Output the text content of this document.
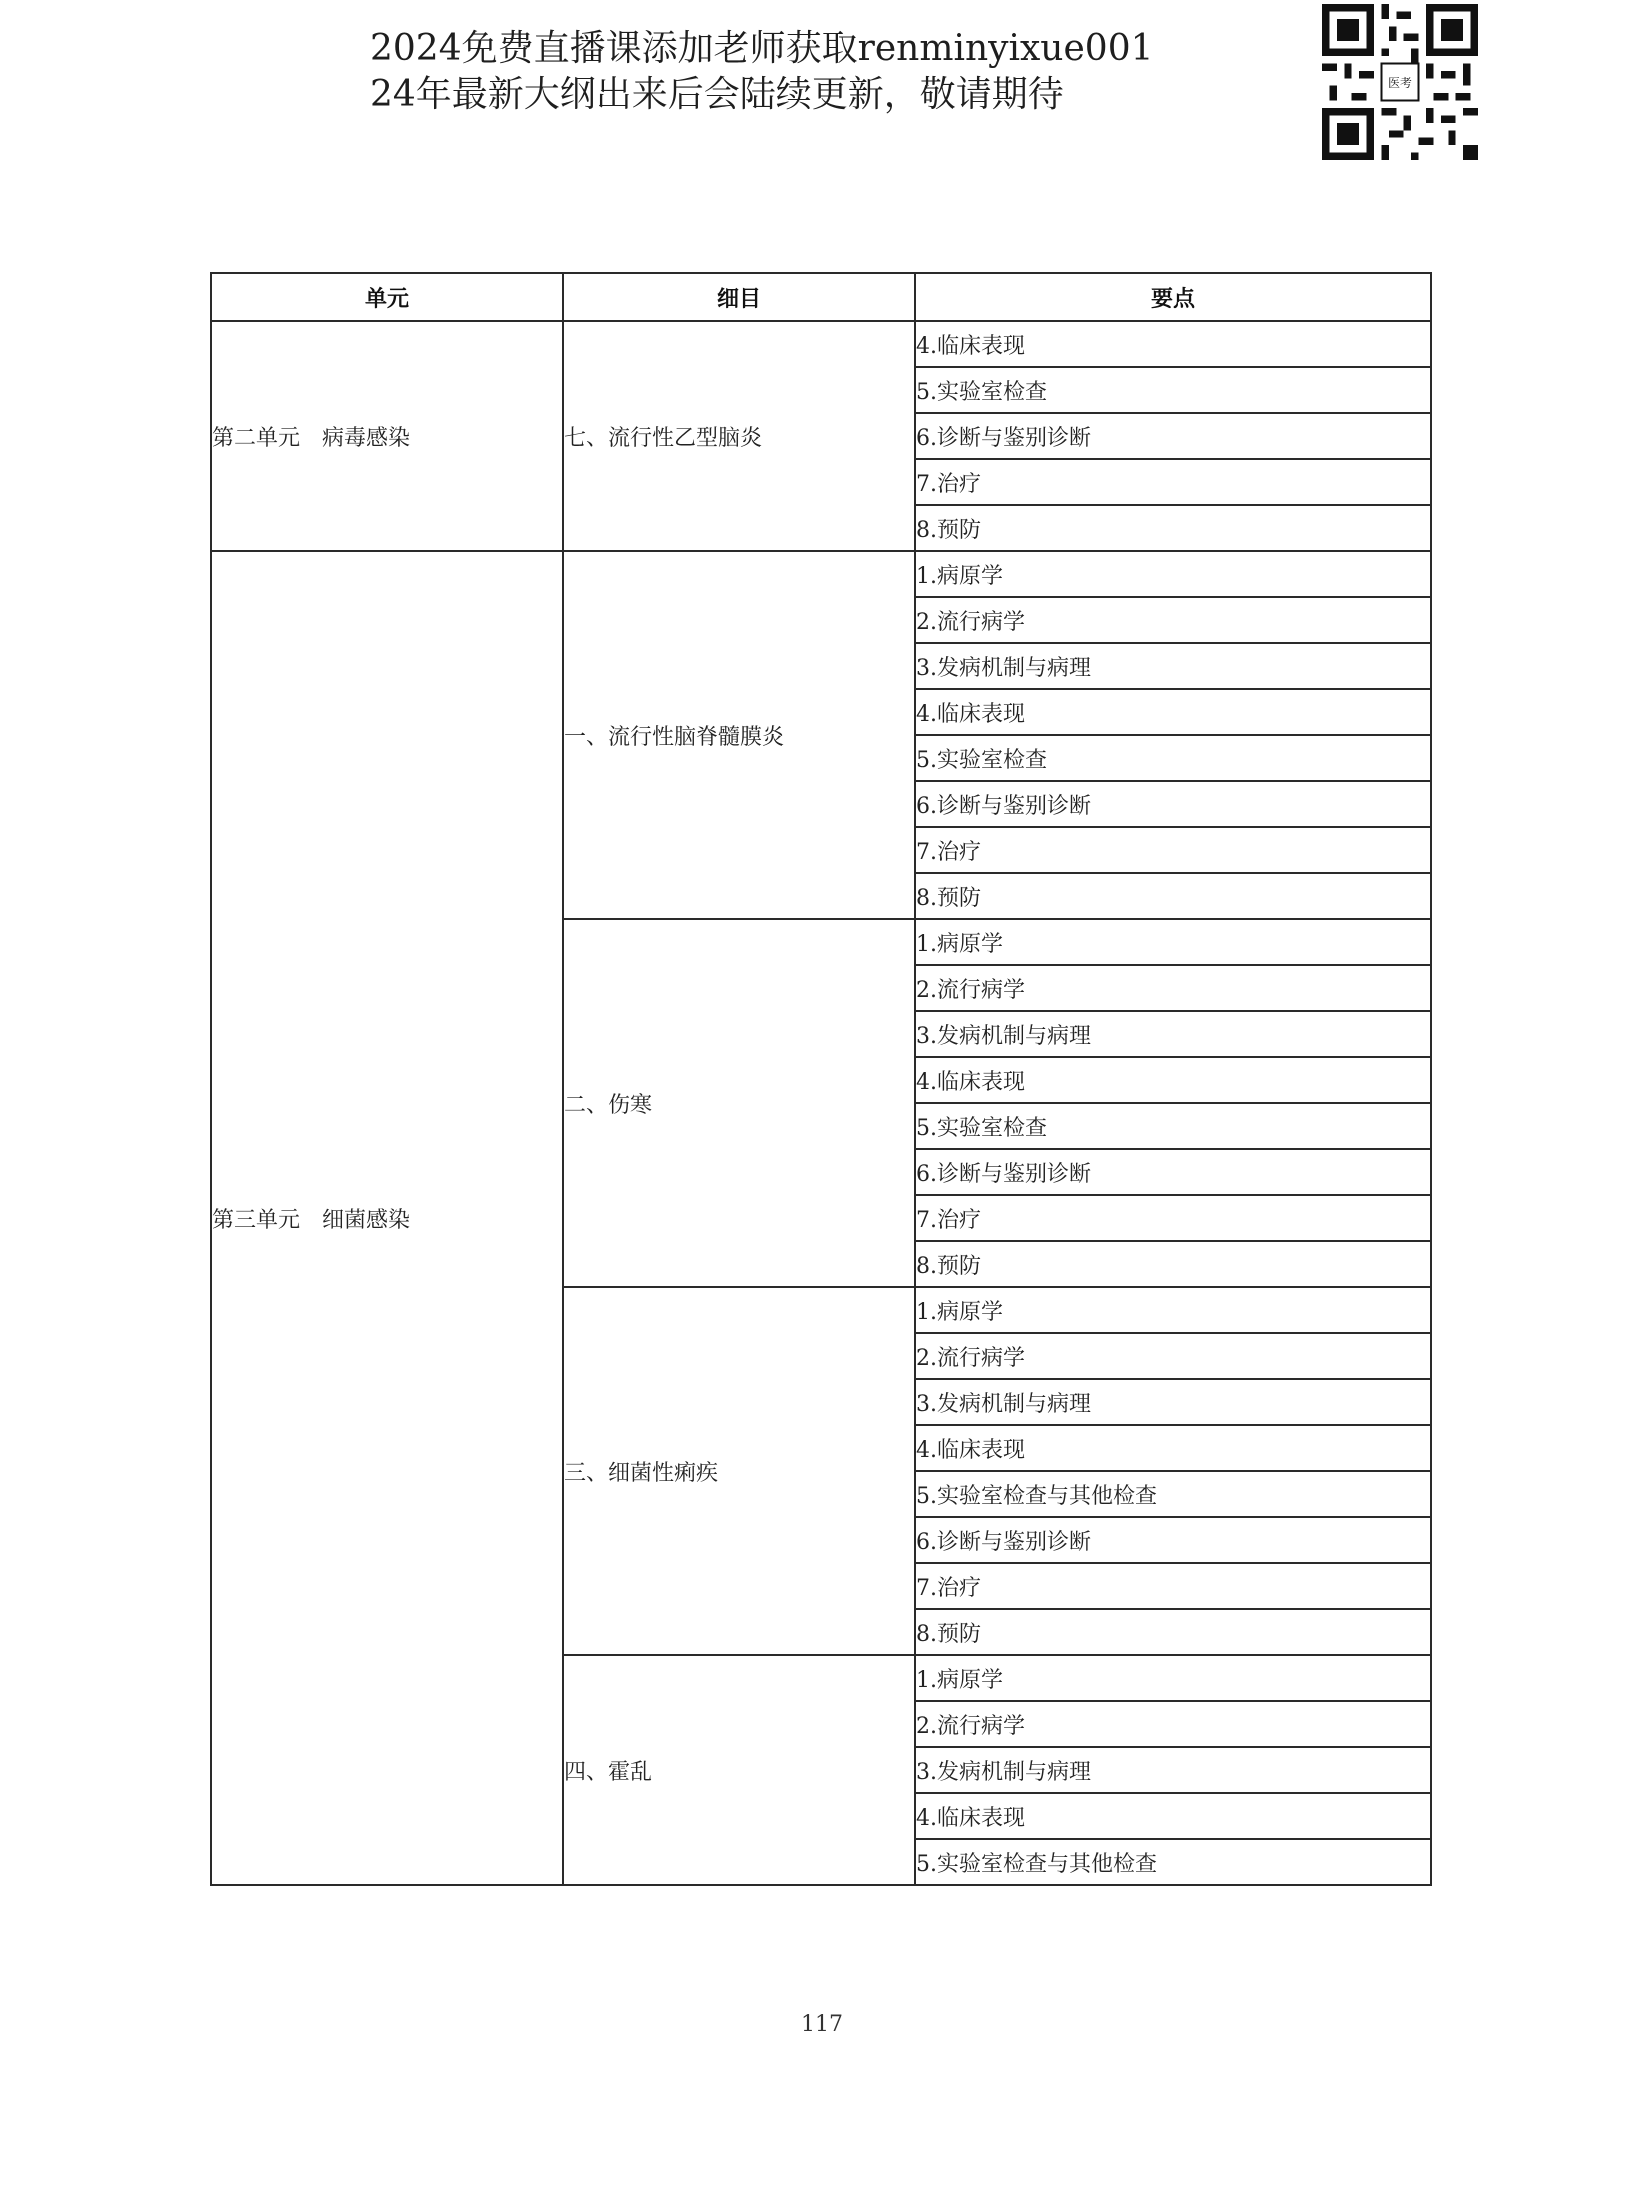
2024免费直播课添加老师获取renminyixue001
24年最新大纲出来后会陆续更新，敬请期待	医考
单元	细目	要点
第二单元　病毒感染	七、流行性乙型脑炎	4.临床表现
		5.实验室检查
		6.诊断与鉴别诊断
		7.治疗
		8.预防
第三单元　细菌感染	一、流行性脑脊髓膜炎	1.病原学
		2.流行病学
		3.发病机制与病理
		4.临床表现
		5.实验室检查
		6.诊断与鉴别诊断
		7.治疗
		8.预防
	二、伤寒	1.病原学
		2.流行病学
		3.发病机制与病理
		4.临床表现
		5.实验室检查
		6.诊断与鉴别诊断
		7.治疗
		8.预防
	三、细菌性痢疾	1.病原学
		2.流行病学
		3.发病机制与病理
		4.临床表现
		5.实验室检查与其他检查
		6.诊断与鉴别诊断
		7.治疗
		8.预防
	四、霍乱	1.病原学
		2.流行病学
		3.发病机制与病理
		4.临床表现
		5.实验室检查与其他检查
117
